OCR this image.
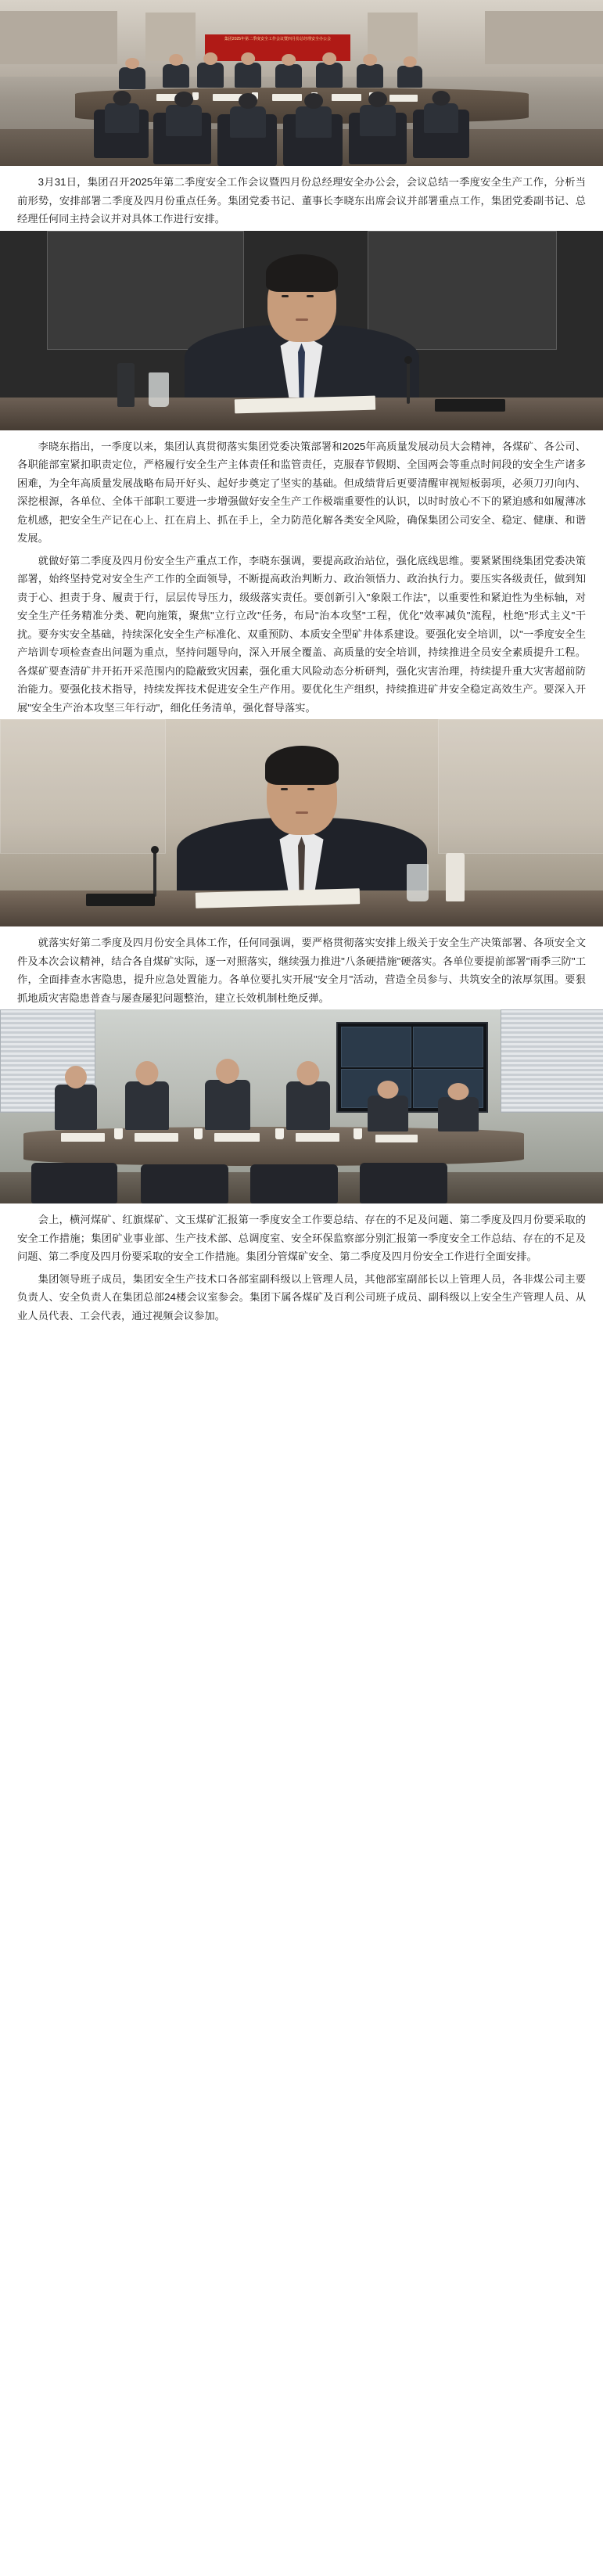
集团2025年第二季度安全工作会议暨四月份总经理安全办公会

3月31日，集团召开2025年第二季度安全工作会议暨四月份总经理安全办公会，会议总结一季度安全生产工作，分析当前形势，安排部署二季度及四月份重点任务。集团党委书记、董事长李晓东出席会议并部署重点工作，集团党委副书记、总经理任何同主持会议并对具体工作进行安排。

李晓东指出，一季度以来，集团认真贯彻落实集团党委决策部署和2025年高质量发展动员大会精神，各煤矿、各公司、各职能部室紧扣职责定位，严格履行安全生产主体责任和监管责任，克服春节假期、全国两会等重点时间段的安全生产诸多困难，为全年高质量发展战略布局开好头、起好步奠定了坚实的基础。但成绩背后更要清醒审视短板弱项，必须刀刃向内、深挖根源，各单位、全体干部职工要进一步增强做好安全生产工作极端重要性的认识，以时时放心不下的紧迫感和如履薄冰危机感，把安全生产记在心上、扛在肩上、抓在手上，全力防范化解各类安全风险，确保集团公司安全、稳定、健康、和谐发展。

就做好第二季度及四月份安全生产重点工作，李晓东强调，要提高政治站位，强化底线思维。要紧紧围绕集团党委决策部署，始终坚持党对安全生产工作的全面领导，不断提高政治判断力、政治领悟力、政治执行力。要压实各级责任，做到知责于心、担责于身、履责于行，层层传导压力，级级落实责任。要创新引入"象限工作法"，以重要性和紧迫性为坐标轴，对安全生产任务精准分类、靶向施策，聚焦"立行立改"任务，布局"治本攻坚"工程，优化"效率减负"流程，杜绝"形式主义"干扰。要夯实安全基础，持续深化安全生产标准化、双重预防、本质安全型矿井体系建设。要强化安全培训，以"一季度安全生产培训专项检查查出问题为重点，坚持问题导向，深入开展全覆盖、高质量的安全培训，持续推进全员安全素质提升工程。各煤矿要查清矿井开拓开采范围内的隐蔽致灾因素，强化重大风险动态分析研判，强化灾害治理，持续提升重大灾害超前防治能力。要强化技术指导，持续发挥技术促进安全生产作用。要优化生产组织，持续推进矿井安全稳定高效生产。要深入开展"安全生产治本攻坚三年行动"，细化任务清单，强化督导落实。

就落实好第二季度及四月份安全具体工作，任何同强调，要严格贯彻落实安排上级关于安全生产决策部署、各项安全文件及本次会议精神，结合各自煤矿实际，逐一对照落实，继续强力推进"八条硬措施"硬落实。各单位要提前部署"雨季三防"工作，全面排查水害隐患，提升应急处置能力。各单位要扎实开展"安全月"活动，营造全员参与、共筑安全的浓厚氛围。要狠抓地质灾害隐患普查与屡查屡犯问题整治，建立长效机制杜绝反弹。

会上，横河煤矿、红旗煤矿、文玉煤矿汇报第一季度安全工作要总结、存在的不足及问题、第二季度及四月份要采取的安全工作措施；集团矿业事业部、生产技术部、总调度室、安全环保监察部分别汇报第一季度安全工作总结、存在的不足及问题、第二季度及四月份要采取的安全工作措施。集团分管煤矿安全、第二季度及四月份安全工作进行全面安排。

集团领导班子成员，集团安全生产技术口各部室副科级以上管理人员，其他部室副部长以上管理人员，各非煤公司主要负责人、安全负责人在集团总部24楼会议室参会。集团下属各煤矿及百利公司班子成员、副科级以上安全生产管理人员、从业人员代表、工会代表，通过视频会议参加。
